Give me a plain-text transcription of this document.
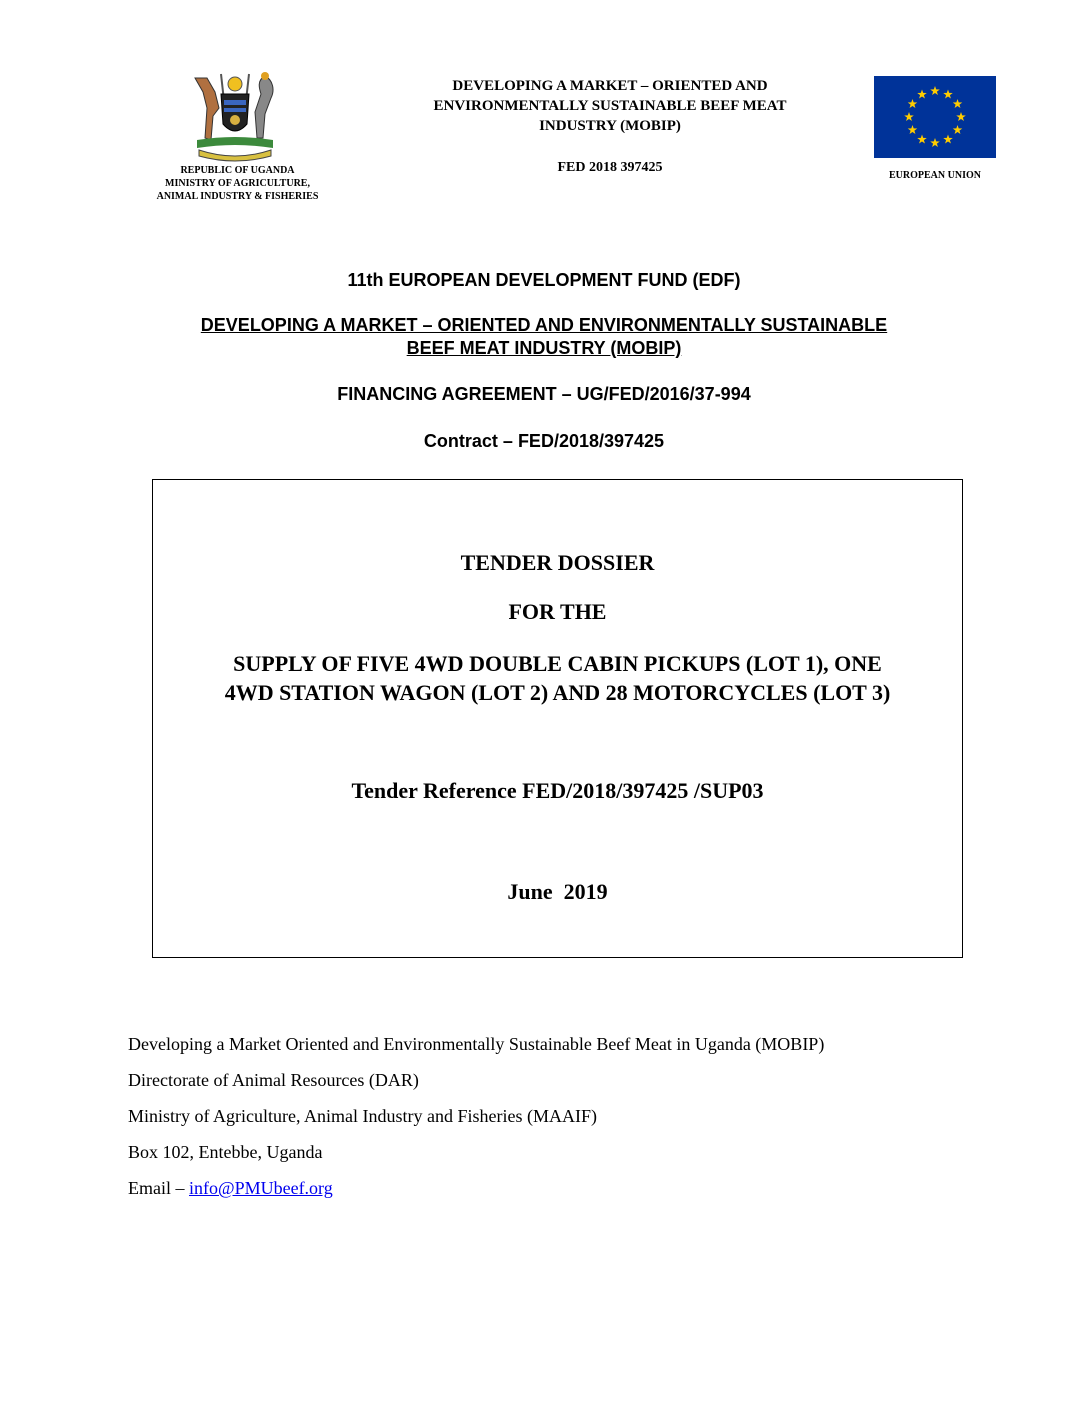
REPUBLIC OF UGANDA
MINISTRY OF AGRICULTURE,
ANIMAL INDUSTRY & FISHERIES
DEVELOPING A MARKET – ORIENTED AND
ENVIRONMENTALLY SUSTAINABLE BEEF MEAT
INDUSTRY (MOBIP)
FED 2018 397425
EUROPEAN UNION
11th EUROPEAN DEVELOPMENT FUND (EDF)
DEVELOPING A MARKET – ORIENTED AND ENVIRONMENTALLY SUSTAINABLE
BEEF MEAT INDUSTRY (MOBIP)
FINANCING AGREEMENT – UG/FED/2016/37-994
Contract – FED/2018/397425
TENDER DOSSIER
FOR THE
SUPPLY OF FIVE 4WD DOUBLE CABIN PICKUPS (LOT 1), ONE
4WD STATION WAGON (LOT 2) AND 28 MOTORCYCLES (LOT 3)
Tender Reference FED/2018/397425 /SUP03
June  2019
Developing a Market Oriented and Environmentally Sustainable Beef Meat in Uganda (MOBIP)
Directorate of Animal Resources (DAR)
Ministry of Agriculture, Animal Industry and Fisheries (MAAIF)
Box 102, Entebbe, Uganda
Email – info@PMUbeef.org
